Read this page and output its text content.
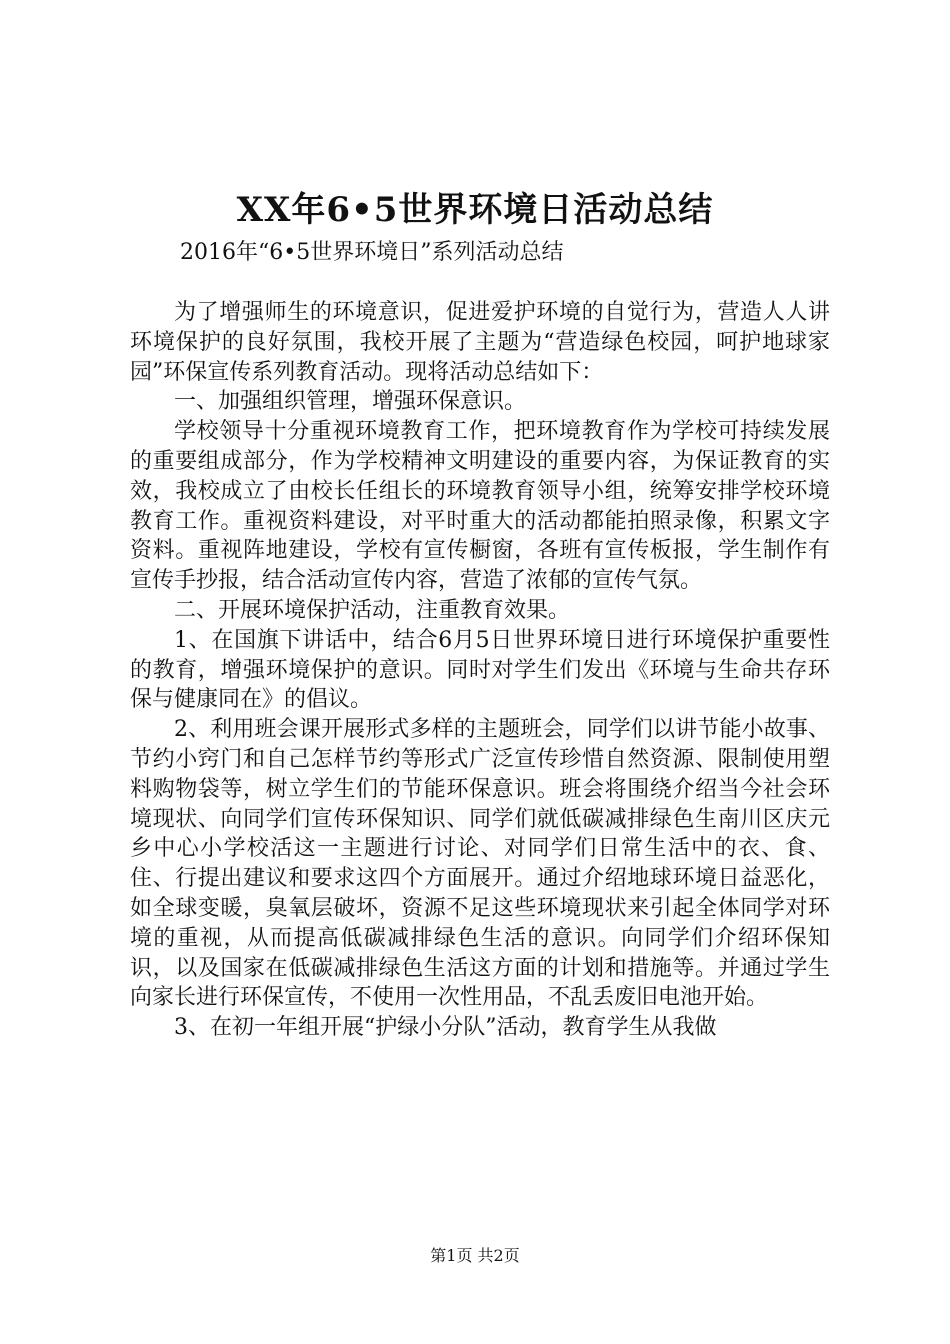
XX年6•5世界环境日活动总结

2016年“6•5世界环境日”系列活动总结

为了增强师生的环境意识，促进爱护环境的自觉行为，营造人人讲环境保护的良好氛围，我校开展了主题为“营造绿色校园，呵护地球家园”环保宣传系列教育活动。现将活动总结如下：

一、加强组织管理，增强环保意识。

学校领导十分重视环境教育工作，把环境教育作为学校可持续发展的重要组成部分，作为学校精神文明建设的重要内容，为保证教育的实效，我校成立了由校长任组长的环境教育领导小组，统筹安排学校环境教育工作。重视资料建设，对平时重大的活动都能拍照录像，积累文字资料。重视阵地建设，学校有宣传橱窗，各班有宣传板报，学生制作有宣传手抄报，结合活动宣传内容，营造了浓郁的宣传气氛。

二、开展环境保护活动，注重教育效果。

1、在国旗下讲话中，结合6月5日世界环境日进行环境保护重要性的教育，增强环境保护的意识。同时对学生们发出《环境与生命共存环保与健康同在》的倡议。

2、利用班会课开展形式多样的主题班会，同学们以讲节能小故事、节约小窍门和自己怎样节约等形式广泛宣传珍惜自然资源、限制使用塑料购物袋等，树立学生们的节能环保意识。班会将围绕介绍当今社会环境现状、向同学们宣传环保知识、同学们就低碳减排绿色生南川区庆元乡中心小学校活这一主题进行讨论、对同学们日常生活中的衣、食、住、行提出建议和要求这四个方面展开。通过介绍地球环境日益恶化，如全球变暖，臭氧层破坏，资源不足这些环境现状来引起全体同学对环境的重视，从而提高低碳减排绿色生活的意识。向同学们介绍环保知识，以及国家在低碳减排绿色生活这方面的计划和措施等。并通过学生向家长进行环保宣传，不使用一次性用品，不乱丢废旧电池开始。

3、在初一年组开展“护绿小分队”活动，教育学生从我做

第1页 共2页
